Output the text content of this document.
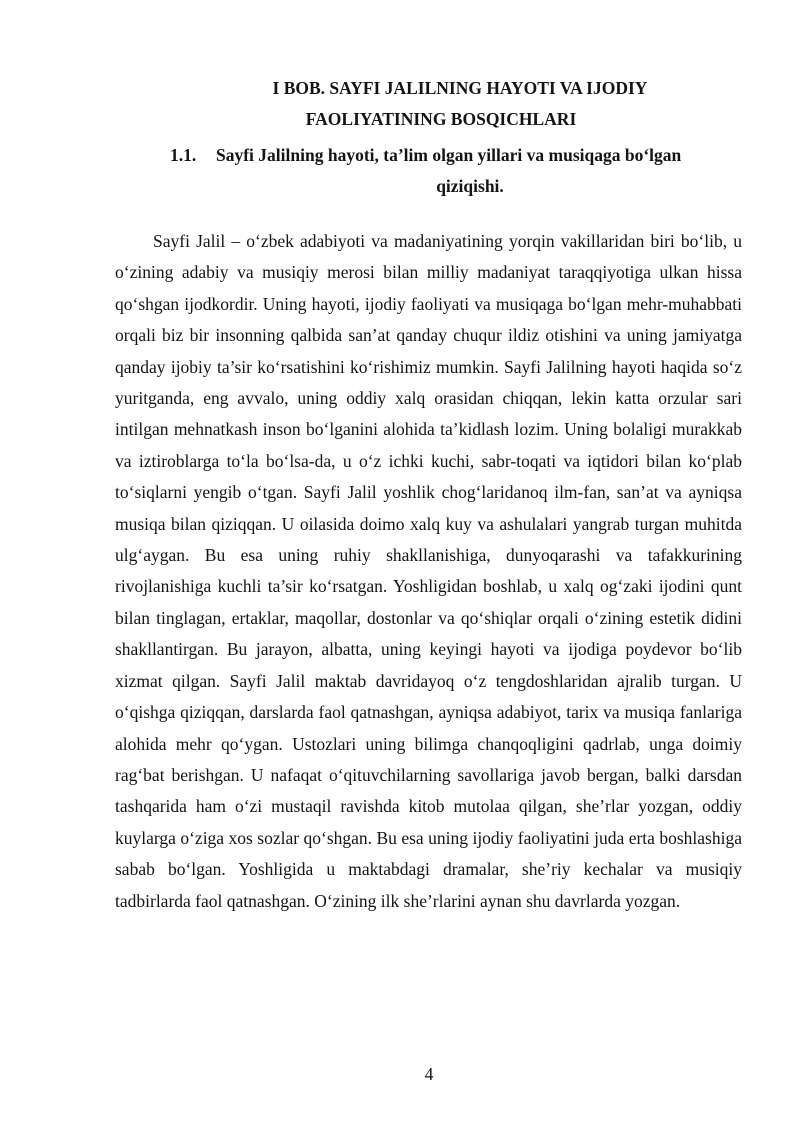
I BOB. SAYFI JALILNING HAYOTI VA IJODIY
FAOLIYATINING BOSQICHLARI
1.1. Sayfi Jalilning hayoti, ta’lim olgan yillari va musiqaga bo‘lgan
qiziqishi.

Sayfi Jalil – o‘zbek adabiyoti va madaniyatining yorqin vakillaridan biri bo‘lib, u o‘zining adabiy va musiqiy merosi bilan milliy madaniyat taraqqiyotiga ulkan hissa qo‘shgan ijodkordir. Uning hayoti, ijodiy faoliyati va musiqaga bo‘lgan mehr-muhabbati orqali biz bir insonning qalbida san’at qanday chuqur ildiz otishini va uning jamiyatga qanday ijobiy ta’sir ko‘rsatishini ko‘rishimiz mumkin. Sayfi Jalilning hayoti haqida so‘z yuritganda, eng avvalo, uning oddiy xalq orasidan chiqqan, lekin katta orzular sari intilgan mehnatkash inson bo‘lganini alohida ta’kidlash lozim. Uning bolaligi murakkab va iztiroblarga to‘la bo‘lsa-da, u o‘z ichki kuchi, sabr-toqati va iqtidori bilan ko‘plab to‘siqlarni yengib o‘tgan. Sayfi Jalil yoshlik chog‘laridanoq ilm-fan, san’at va ayniqsa musiqa bilan qiziqqan. U oilasida doimo xalq kuy va ashulalari yangrab turgan muhitda ulg‘aygan. Bu esa uning ruhiy shakllanishiga, dunyoqarashi va tafakkurining rivojlanishiga kuchli ta’sir ko‘rsatgan. Yoshligidan boshlab, u xalq og‘zaki ijodini qunt bilan tinglagan, ertaklar, maqollar, dostonlar va qo‘shiqlar orqali o‘zining estetik didini shakllantirgan. Bu jarayon, albatta, uning keyingi hayoti va ijodiga poydevor bo‘lib xizmat qilgan. Sayfi Jalil maktab davridayoq o‘z tengdoshlaridan ajralib turgan. U o‘qishga qiziqqan, darslarda faol qatnashgan, ayniqsa adabiyot, tarix va musiqa fanlariga alohida mehr qo‘ygan. Ustozlari uning bilimga chanqoqligini qadrlab, unga doimiy rag‘bat berishgan. U nafaqat o‘qituvchilarning savollariga javob bergan, balki darsdan tashqarida ham o‘zi mustaqil ravishda kitob mutolaa qilgan, she’rlar yozgan, oddiy kuylarga o‘ziga xos sozlar qo‘shgan. Bu esa uning ijodiy faoliyatini juda erta boshlashiga sabab bo‘lgan. Yoshligida u maktabdagi dramalar, she’riy kechalar va musiqiy tadbirlarda faol qatnashgan. O‘zining ilk she’rlarini aynan shu davrlarda yozgan.

4
